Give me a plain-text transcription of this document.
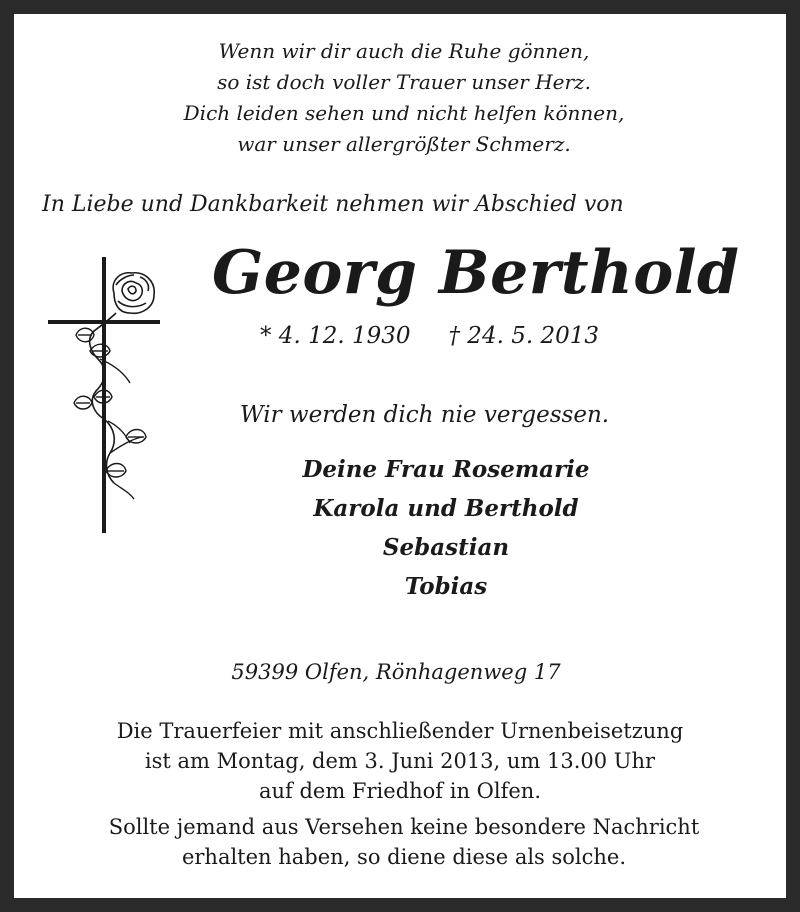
Wenn wir dir auch die Ruhe gönnen,
so ist doch voller Trauer unser Herz.
Dich leiden sehen und nicht helfen können,
war unser allergrößter Schmerz.
In Liebe und Dankbarkeit nehmen wir Abschied von
Georg Berthold
* 4. 12. 1930 † 24. 5. 2013
Wir werden dich nie vergessen.
Deine Frau Rosemarie
Karola und Berthold
Sebastian
Tobias
59399 Olfen, Rönhagenweg 17
Die Trauerfeier mit anschließender Urnenbeisetzung
ist am Montag, dem 3. Juni 2013, um 13.00 Uhr
auf dem Friedhof in Olfen.
Sollte jemand aus Versehen keine besondere Nachricht
erhalten haben, so diene diese als solche.
